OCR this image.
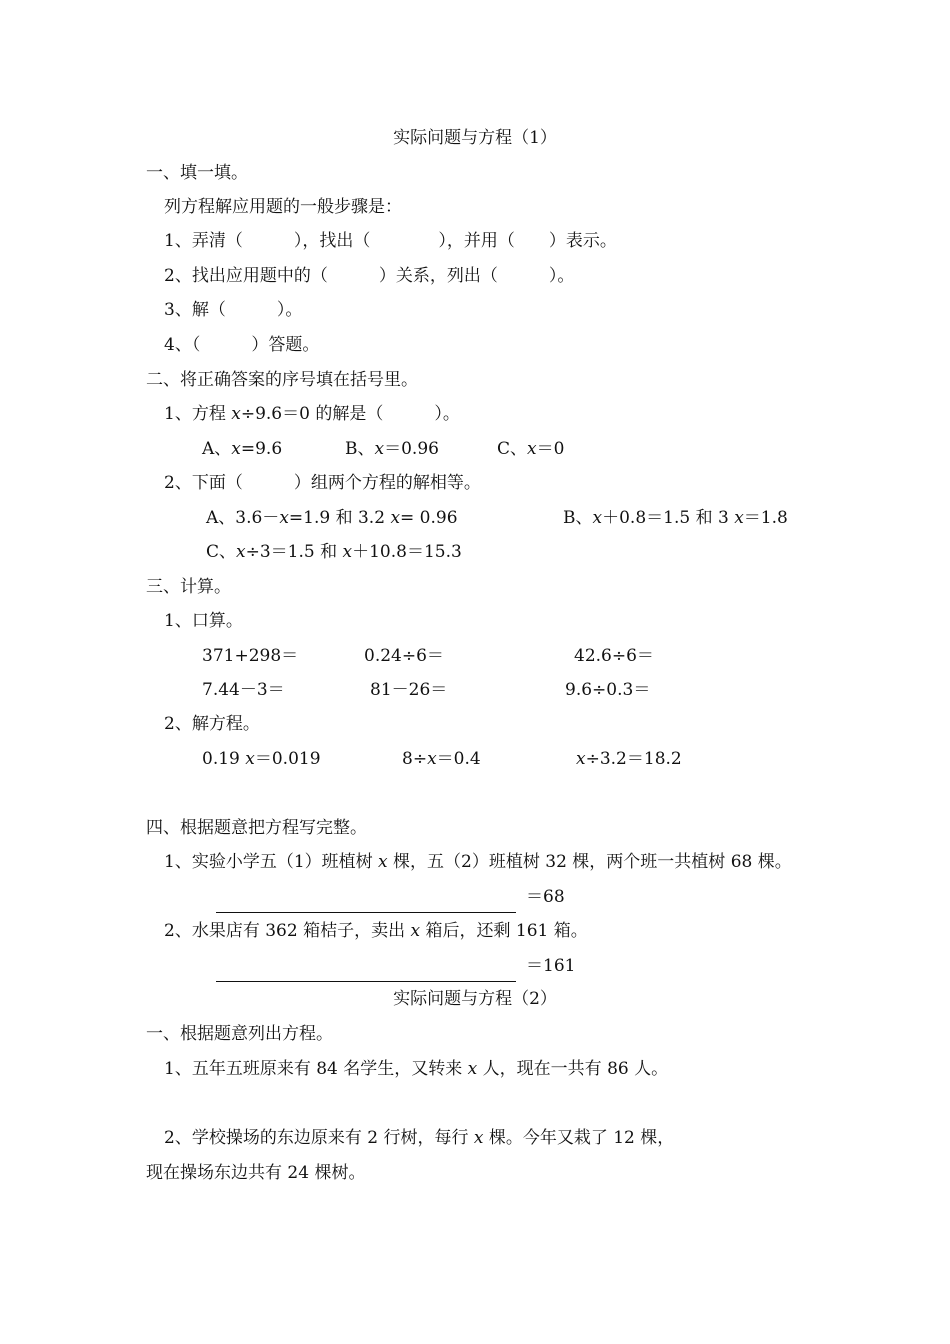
实际问题与方程（1）
一、填一填。
列方程解应用题的一般步骤是：
1、弄清（　　　），找出（　　　　），并用（　　）表示。
2、找出应用题中的（　　　）关系，列出（　　　）。
3、解（　　　）。
4、（　　　）答题。
二、将正确答案的序号填在括号里。
1、方程 x÷9.6＝0 的解是（　　　）。
A、x=9.6	B、x＝0.96	C、x＝0
2、下面（　　　）组两个方程的解相等。
A、3.6－x=1.9 和 3.2 x= 0.96	B、x＋0.8＝1.5 和 3 x＝1.8
C、x÷3＝1.5 和 x＋10.8＝15.3
三、计算。
1、口算。
371+298＝	0.24÷6＝	42.6÷6＝
7.44－3＝	81－26＝	9.6÷0.3＝
2、解方程。
0.19 x＝0.019	8÷x＝0.4	x÷3.2＝18.2
四、根据题意把方程写完整。
1、实验小学五（1）班植树 x 棵，五（2）班植树 32 棵，两个班一共植树 68 棵。
＝68
2、水果店有 362 箱桔子，卖出 x 箱后，还剩 161 箱。
＝161
实际问题与方程（2）
一、根据题意列出方程。
1、五年五班原来有 84 名学生，又转来 x 人，现在一共有 86 人。
2、学校操场的东边原来有 2 行树，每行 x 棵。今年又栽了 12 棵，
现在操场东边共有 24 棵树。
